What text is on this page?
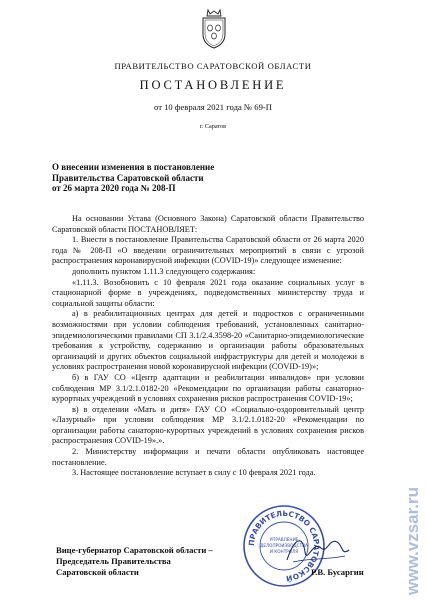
ПРАВИТЕЛЬСТВО САРАТОВСКОЙ ОБЛАСТИ
ПОСТАНОВЛЕНИЕ
от 10 февраля 2021 года № 69-П
г. Саратов
О внесении изменения в постановление
Правительства Саратовской области
от 26 марта 2020 года № 208-П

На основании Устава (Основного Закона) Саратовской области Правительство Саратовской области ПОСТАНОВЛЯЕТ:

1. Внести в постановление Правительства Саратовской области от 26 марта 2020 года № 208-П «О введении ограничительных мероприятий в связи с угрозой распространения коронавирусной инфекции (COVID-19)» следующее изменение:

дополнить пунктом 1.11.3 следующего содержания:

«1.11.3. Возобновить с 10 февраля 2021 года оказание социальных услуг в стационарной форме в учреждениях, подведомственных министерству труда и социальной защиты области:

а) в реабилитационных центрах для детей и подростков с ограниченными возможностями при условии соблюдения требований, установленных санитарно-эпидемиологическими правилами СП 3.1/2.4.3598-20 «Санитарно-эпидемиологические требования к устройству, содержанию и организации работы образовательных организаций и других объектов социальной инфраструктуры для детей и молодежи в условиях распространения новой коронавирусной инфекции (COVID-19)»;

б) в ГАУ СО «Центр адаптации и реабилитации инвалидов» при условии соблюдения МР 3.1/2.1.0182-20 «Рекомендации по организации работы санаторно-курортных учреждений в условиях сохранения рисков распространения COVID-19»;

в) в отделении «Мать и дитя» ГАУ СО «Социально-оздоровительный центр «Лазурный» при условии соблюдения МР 3.1/2.1.0182-20 «Рекомендации по организации работы санаторно-курортных учреждений в условиях сохранения рисков распространения COVID-19».».

2. Министерству информации и печати области опубликовать настоящее постановление.

3. Настоящее постановление вступает в силу с 10 февраля 2021 года.

ПРАВИТЕЛЬСТВО САРАТОВСКОЙ
УПРАВЛЕНИЕ
ДЕЛОПРОИЗВОДСТВА
И КОНТРОЛЯ
Вице-губернатор Саратовской области –
Председатель Правительства
Саратовской области	Р.В. Бусаргин www.vzsar.ru
